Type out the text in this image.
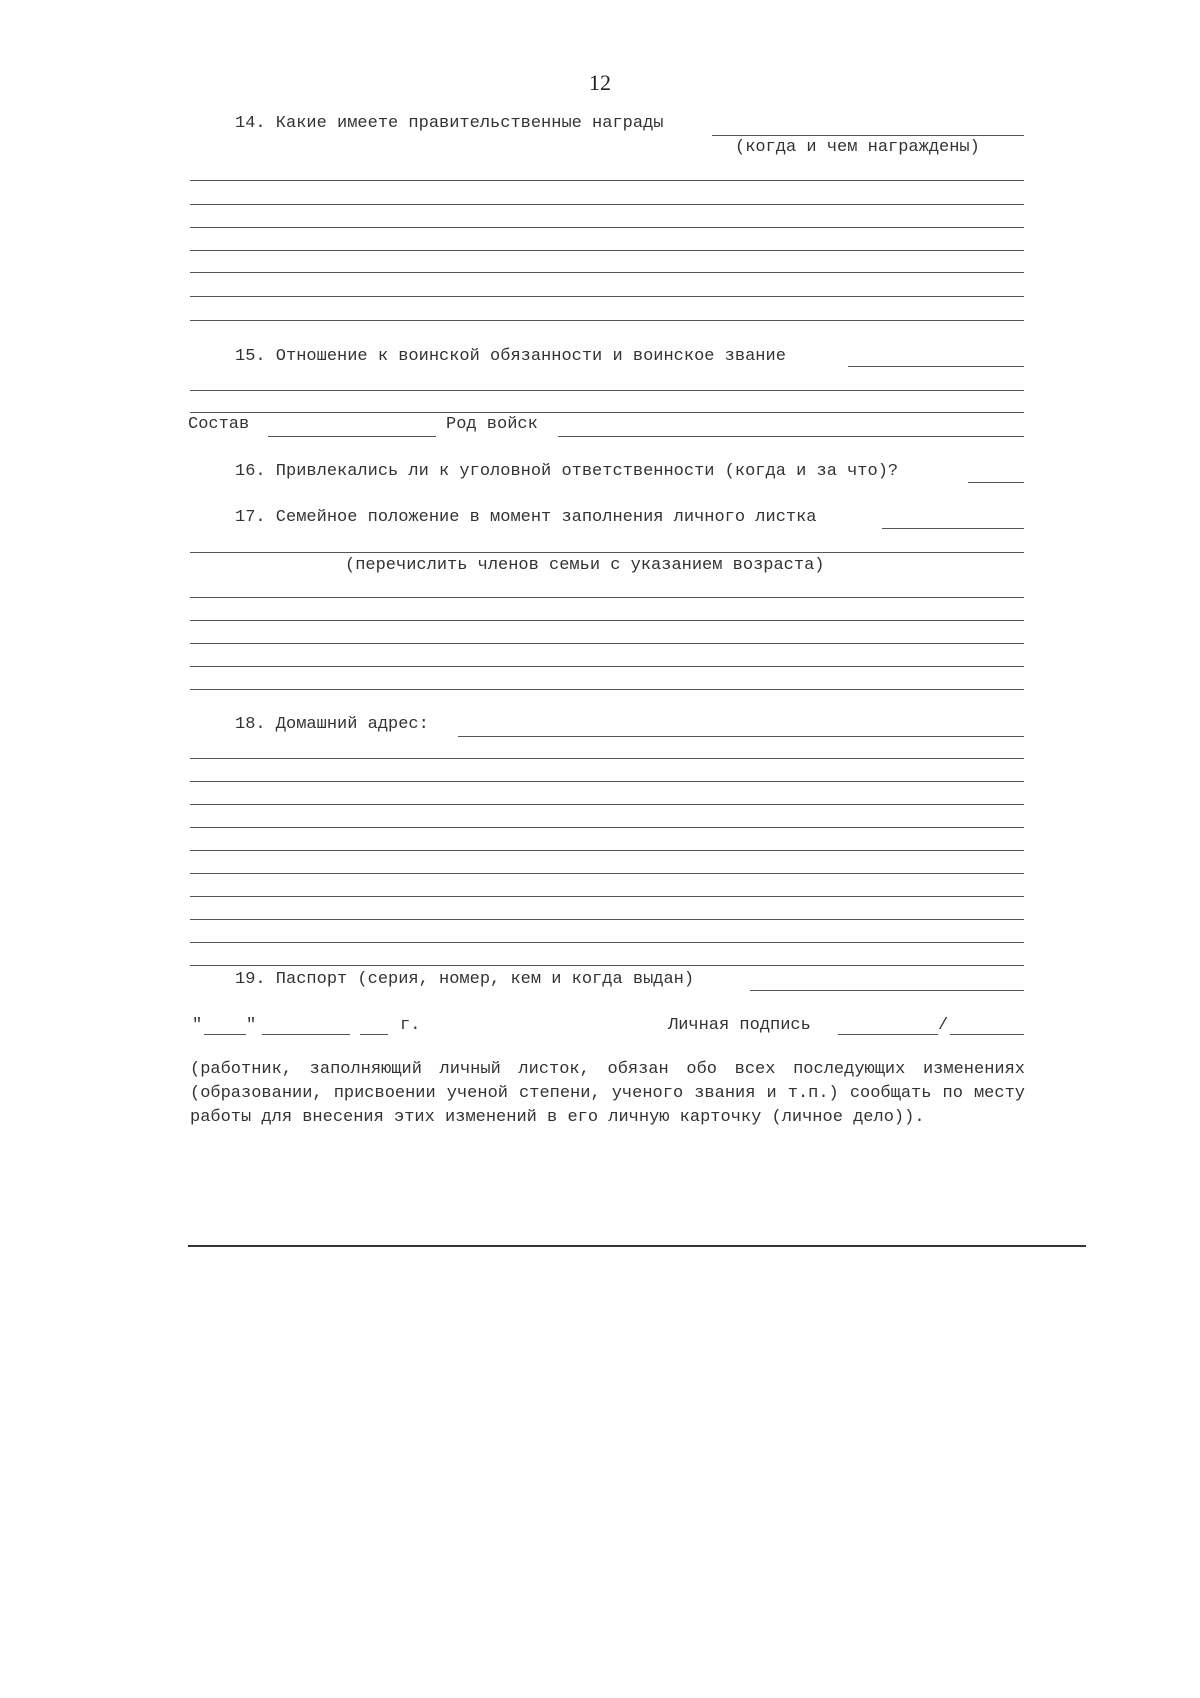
12
14. Какие имеете правительственные награды
(когда и чем награждены)
15. Отношение к воинской обязанности и воинское звание
Состав	Род войск
16. Привлекались ли к уголовной ответственности (когда и за что)?
17. Семейное положение в момент заполнения личного листка
(перечислить членов семьи с указанием возраста)
18. Домашний адрес:
19. Паспорт (серия, номер, кем и когда выдан)
"	"	г.	Личная подпись	/
(работник, заполняющий личный листок, обязан обо всех последующих изменениях (образовании, присвоении ученой степени, ученого звания и т.п.) сообщать по месту работы для внесения этих изменений в его личную карточку (личное дело)).
